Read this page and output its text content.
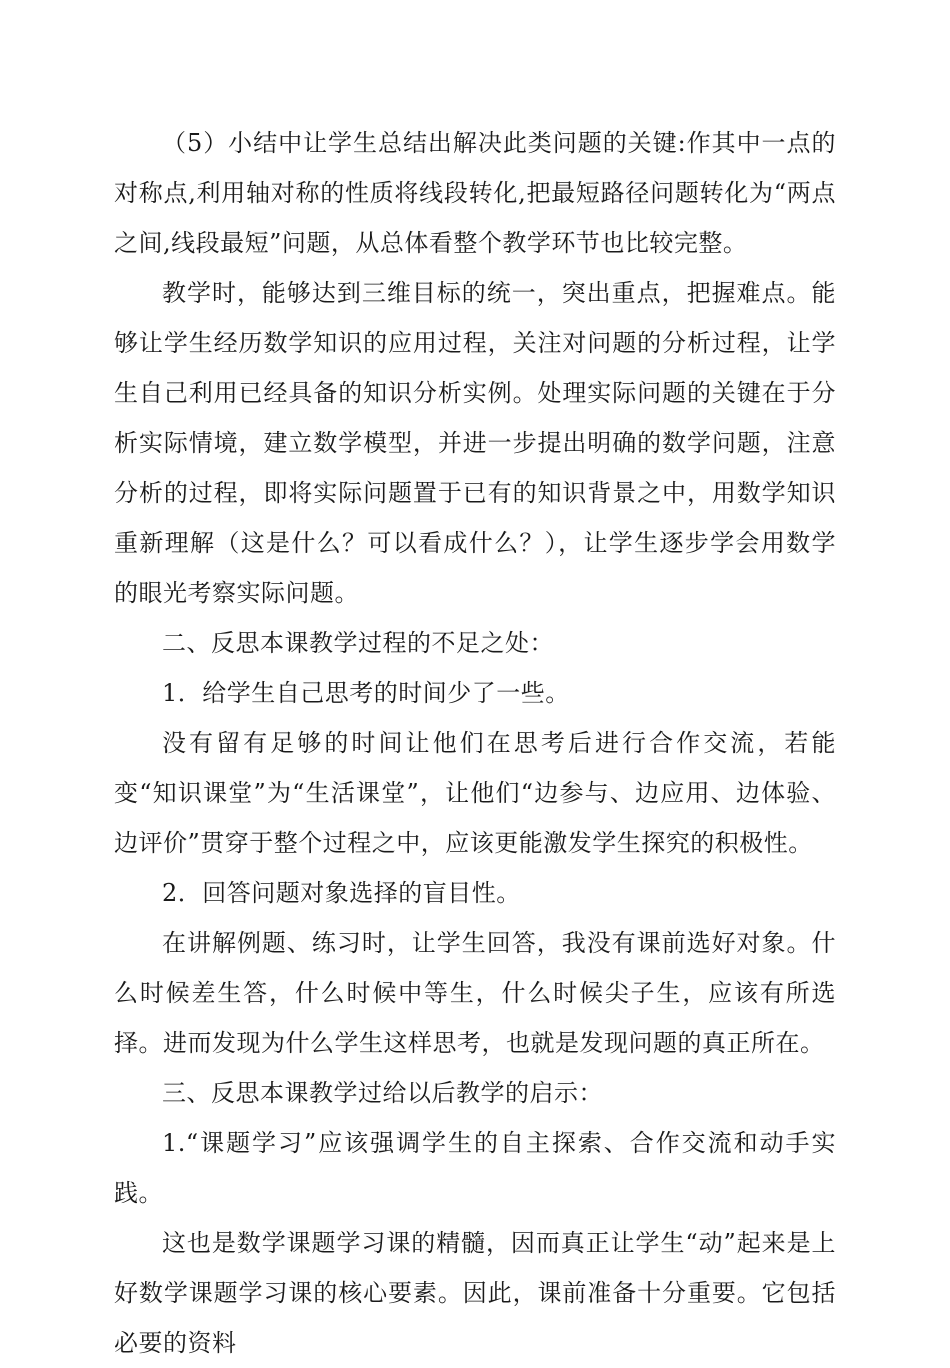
（5）小结中让学生总结出解决此类问题的关键:作其中一点的对称点,利用轴对称的性质将线段转化,把最短路径问题转化为“两点之间,线段最短”问题，从总体看整个教学环节也比较完整。

教学时，能够达到三维目标的统一，突出重点，把握难点。能够让学生经历数学知识的应用过程，关注对问题的分析过程，让学生自己利用已经具备的知识分析实例。处理实际问题的关键在于分析实际情境，建立数学模型，并进一步提出明确的数学问题，注意分析的过程，即将实际问题置于已有的知识背景之中，用数学知识重新理解（这是什么？可以看成什么？），让学生逐步学会用数学的眼光考察实际问题。

二、反思本课教学过程的不足之处：

1．给学生自己思考的时间少了一些。

没有留有足够的时间让他们在思考后进行合作交流，若能变“知识课堂”为“生活课堂”，让他们“边参与、边应用、边体验、边评价”贯穿于整个过程之中，应该更能激发学生探究的积极性。

2．回答问题对象选择的盲目性。

在讲解例题、练习时，让学生回答，我没有课前选好对象。什么时候差生答，什么时候中等生，什么时候尖子生，应该有所选择。进而发现为什么学生这样思考，也就是发现问题的真正所在。

三、反思本课教学过给以后教学的启示：

1.“课题学习”应该强调学生的自主探索、合作交流和动手实践。

这也是数学课题学习课的精髓，因而真正让学生“动”起来是上好数学课题学习课的核心要素。因此，课前准备十分重要。它包括必要的资料
